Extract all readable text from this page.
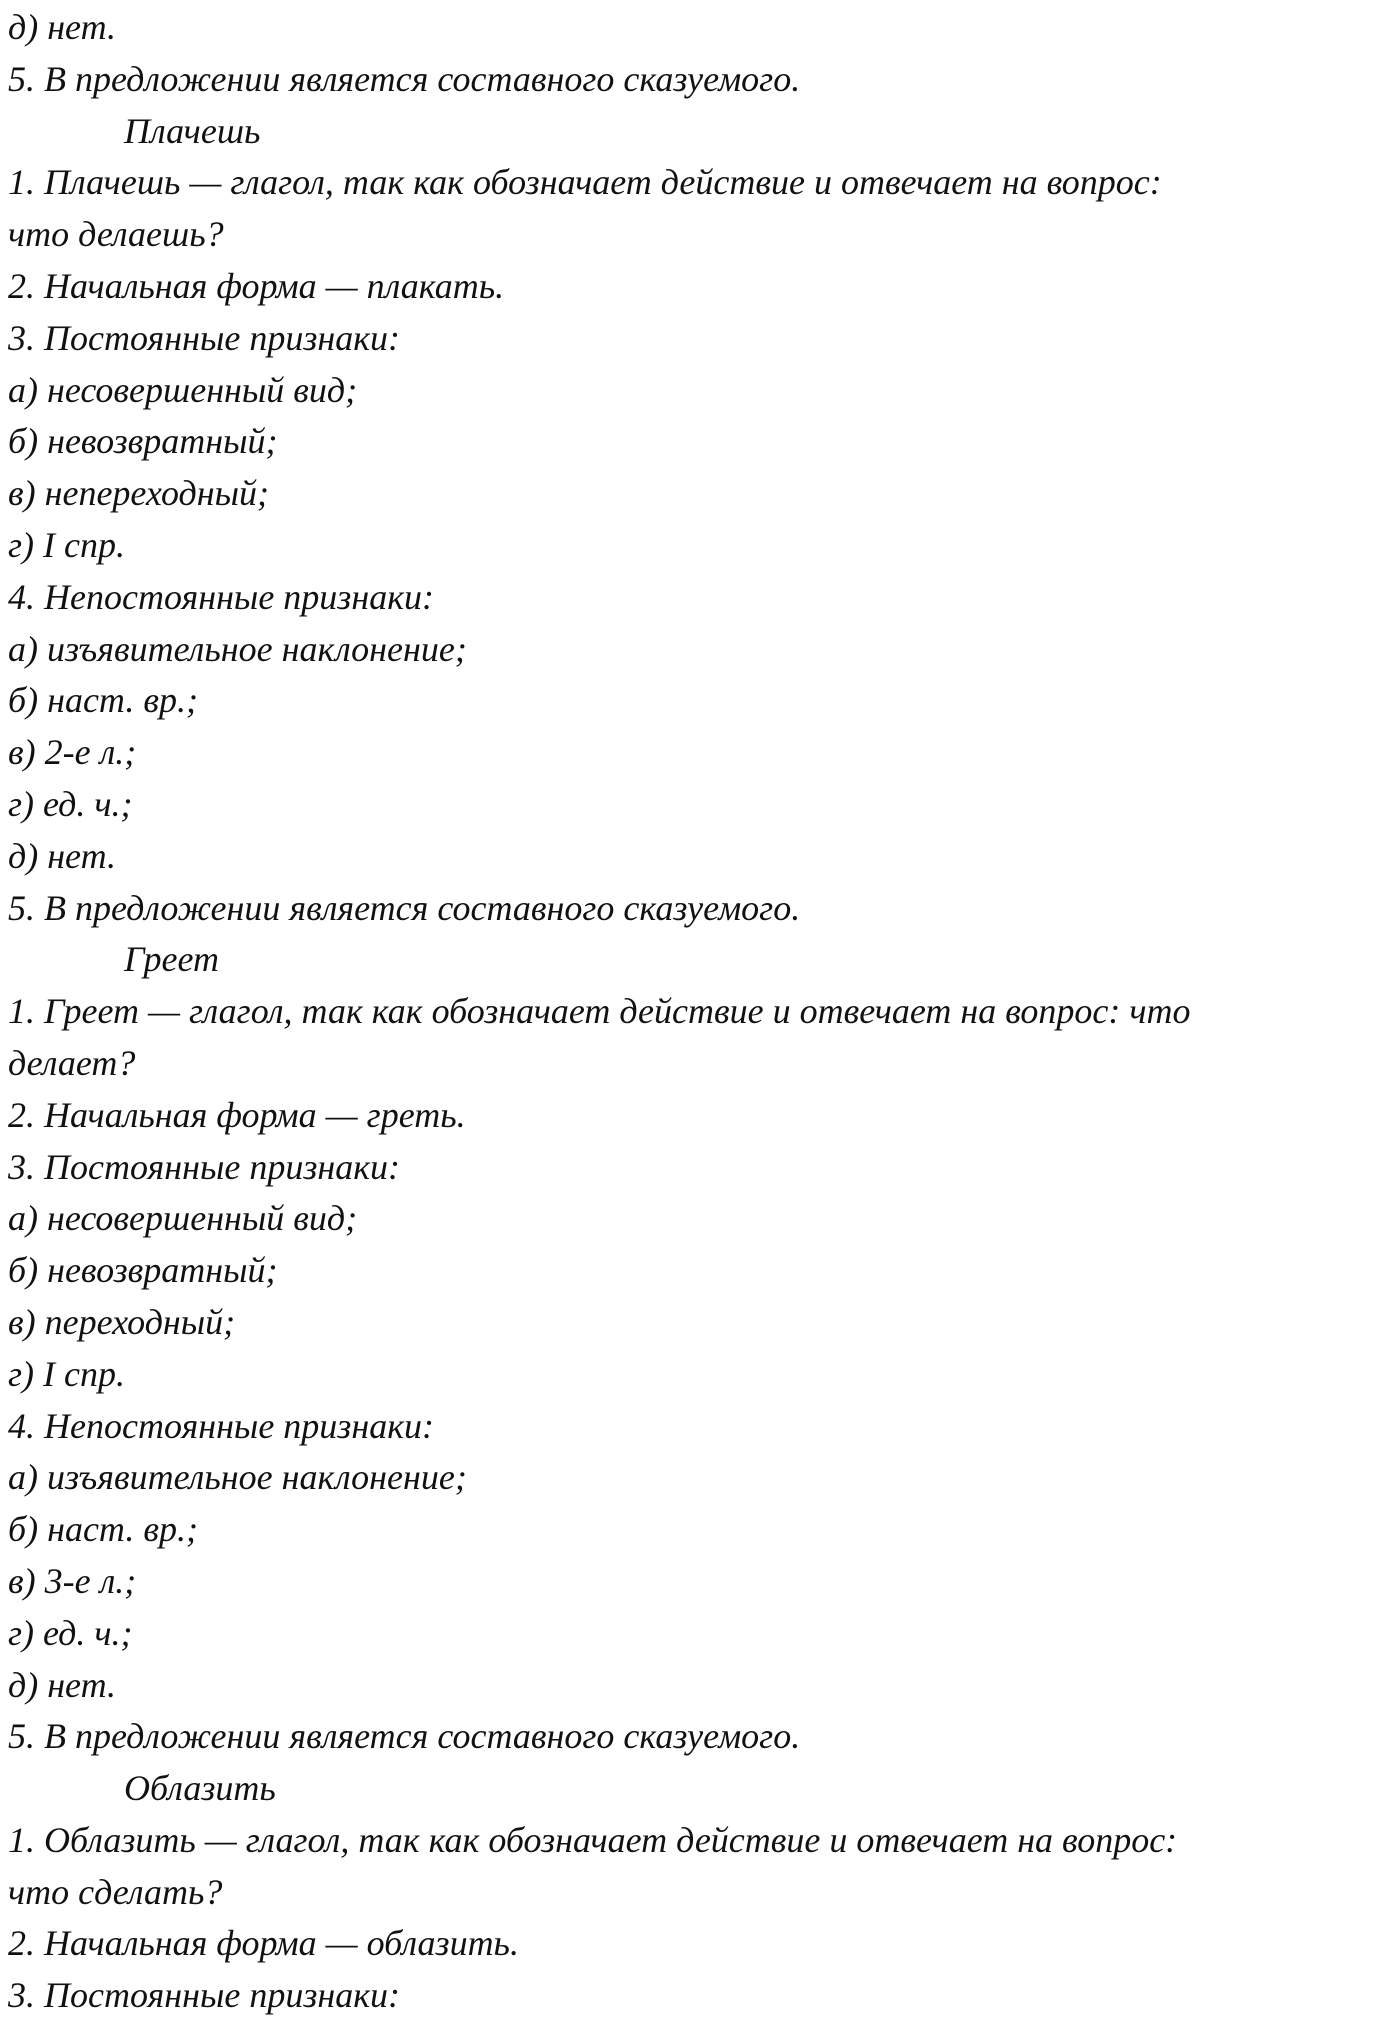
д) нет.
5. В предложении является составного сказуемого.
Плачешь
1. Плачешь — глагол, так как обозначает действие и отвечает на вопрос:
что делаешь?
2. Начальная форма — плакать.
3. Постоянные признаки:
а) несовершенный вид;
б) невозвратный;
в) непереходный;
г) I спр.
4. Непостоянные признаки:
а) изъявительное наклонение;
б) наст. вр.;
в) 2-е л.;
г) ед. ч.;
д) нет.
5. В предложении является составного сказуемого.
Греет
1. Греет — глагол, так как обозначает действие и отвечает на вопрос: что
делает?
2. Начальная форма — греть.
3. Постоянные признаки:
а) несовершенный вид;
б) невозвратный;
в) переходный;
г) I спр.
4. Непостоянные признаки:
а) изъявительное наклонение;
б) наст. вр.;
в) 3-е л.;
г) ед. ч.;
д) нет.
5. В предложении является составного сказуемого.
Облазить
1. Облазить — глагол, так как обозначает действие и отвечает на вопрос:
что сделать?
2. Начальная форма — облазить.
3. Постоянные признаки:
